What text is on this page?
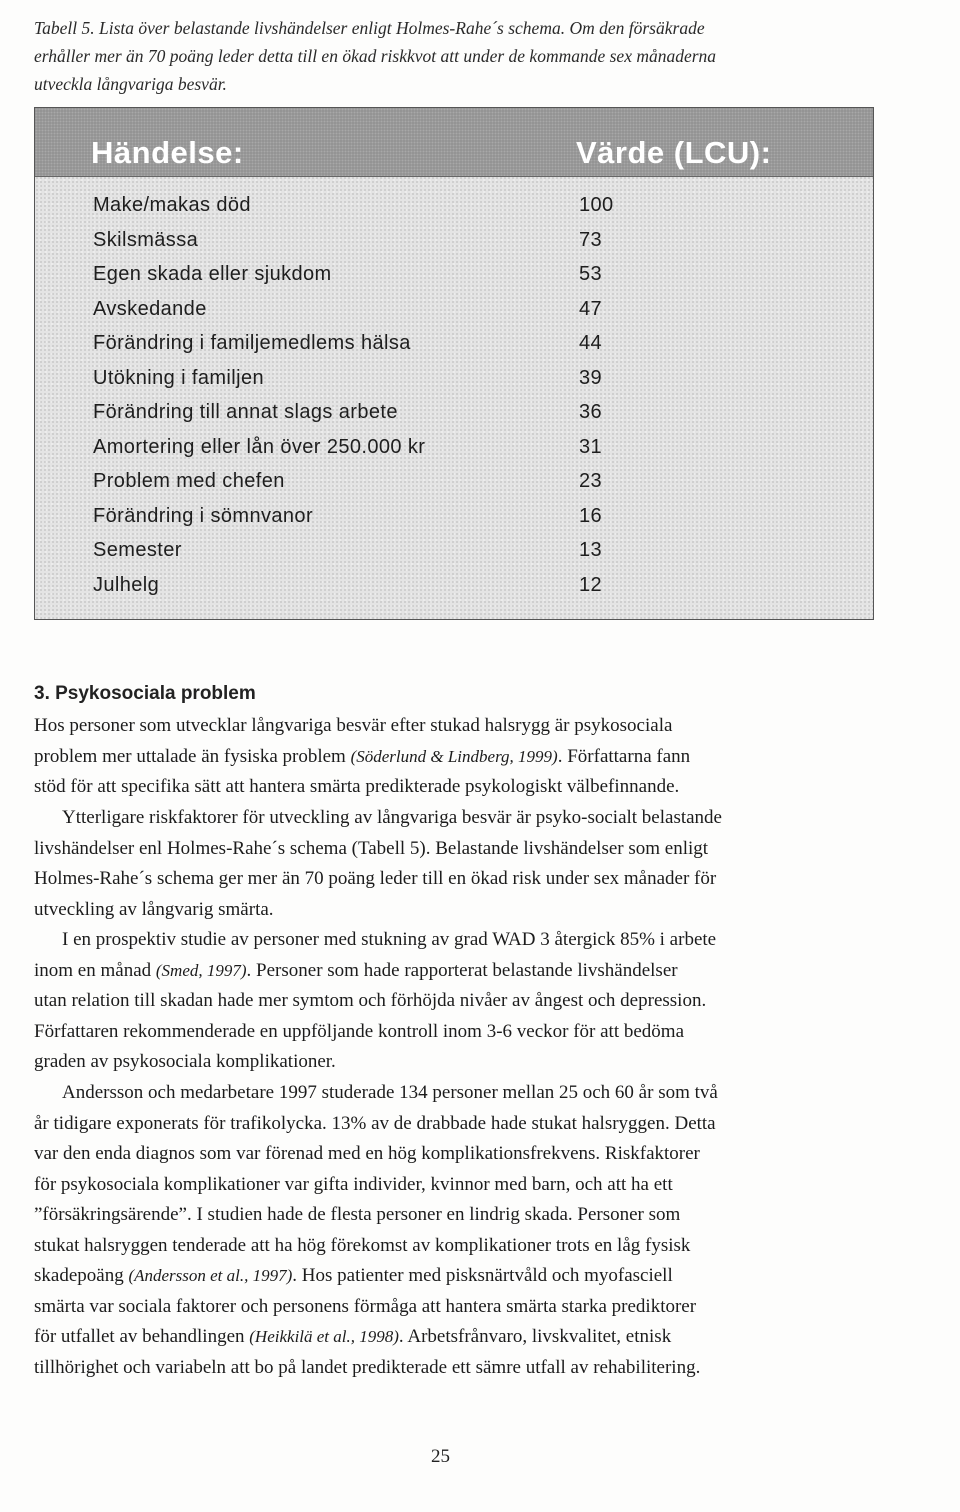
Tabell 5. Lista över belastande livshändelser enligt Holmes-Rahe´s schema. Om den försäkrade
erhåller mer än 70 poäng leder detta till en ökad riskkvot att under de kommande sex månaderna
utveckla långvariga besvär.
Händelse:	Värde (LCU):
Make/makas död	100
Skilsmässa	73
Egen skada eller sjukdom	53
Avskedande	47
Förändring i familjemedlems hälsa	44
Utökning i familjen	39
Förändring till annat slags arbete	36
Amortering eller lån över 250.000 kr	31
Problem med chefen	23
Förändring i sömnvanor	16
Semester	13
Julhelg	12
3. Psykosociala problem
Hos personer som utvecklar långvariga besvär efter stukad halsrygg är psykosociala
problem mer uttalade än fysiska problem (Söderlund & Lindberg, 1999). Författarna fann
stöd för att specifika sätt att hantera smärta predikterade psykologiskt välbefinnande.
Ytterligare riskfaktorer för utveckling av långvariga besvär är psyko-socialt belastande
livshändelser enl Holmes-Rahe´s schema (Tabell 5). Belastande livshändelser som enligt
Holmes-Rahe´s schema ger mer än 70 poäng leder till en ökad risk under sex månader för
utveckling av långvarig smärta.
I en prospektiv studie av personer med stukning av grad WAD 3 återgick 85% i arbete
inom en månad (Smed, 1997). Personer som hade rapporterat belastande livshändelser
utan relation till skadan hade mer symtom och förhöjda nivåer av ångest och depression.
Författaren rekommenderade en uppföljande kontroll inom 3-6 veckor för att bedöma
graden av psykosociala komplikationer.
Andersson och medarbetare 1997 studerade 134 personer mellan 25 och 60 år som två
år tidigare exponerats för trafikolycka. 13% av de drabbade hade stukat halsryggen. Detta
var den enda diagnos som var förenad med en hög komplikationsfrekvens. Riskfaktorer
för psykosociala komplikationer var gifta individer, kvinnor med barn, och att ha ett
”försäkringsärende”. I studien hade de flesta personer en lindrig skada. Personer som
stukat halsryggen tenderade att ha hög förekomst av komplikationer trots en låg fysisk
skadepoäng (Andersson et al., 1997). Hos patienter med pisksnärtvåld och myofasciell
smärta var sociala faktorer och personens förmåga att hantera smärta starka prediktorer
för utfallet av behandlingen (Heikkilä et al., 1998). Arbetsfrånvaro, livskvalitet, etnisk
tillhörighet och variabeln att bo på landet predikterade ett sämre utfall av rehabilitering.
25
